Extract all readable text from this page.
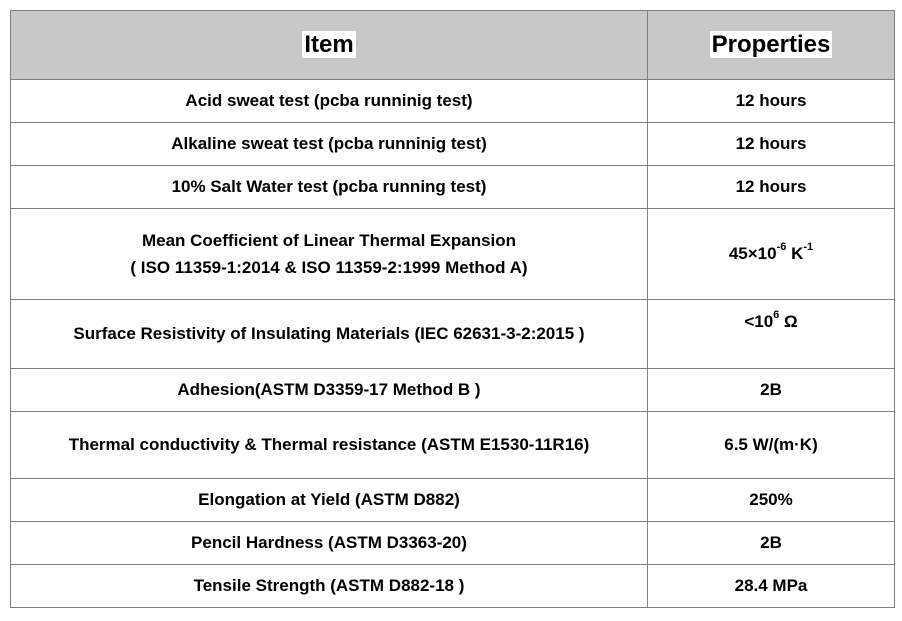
Item	Properties
Acid sweat test (pcba runninig test)	12 hours
Alkaline sweat test (pcba runninig test)	12 hours
10% Salt Water test (pcba running test)	12 hours

Mean Coefficient of Linear Thermal Expansion
( ISO 11359-1:2014 & ISO 11359-2:1999 Method A)	$45\times 10^{-6}$ $K^{-1}$
Surface Resistivity of Insulating Materials (IEC 62631-3-2:2015 )	$<10^6$ Ω
Adhesion(ASTM D3359-17 Method B )	2B
Thermal conductivity & Thermal resistance (ASTM E1530-11R16)	6.5 W/(m·K)
Elongation at Yield (ASTM D882)	250%
Pencil Hardness (ASTM D3363-20)	2B
Tensile Strength (ASTM D882-18 )	28.4 MPa
